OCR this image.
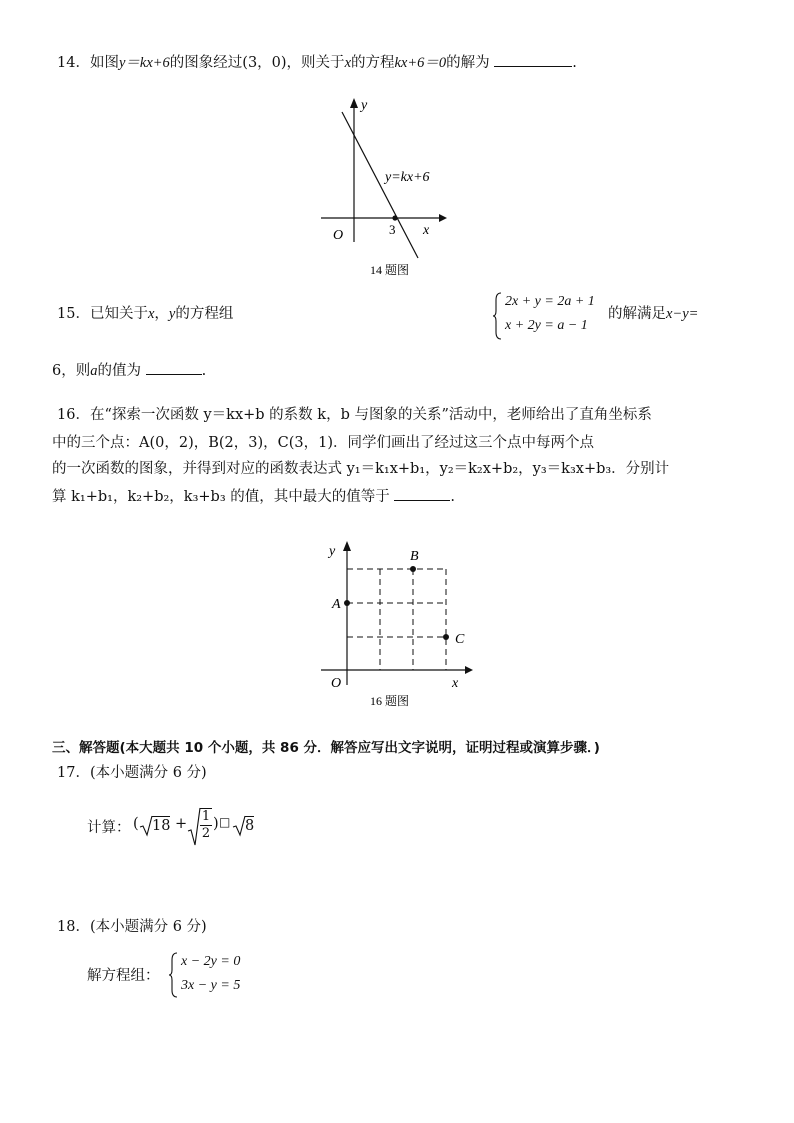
14．如图y＝kx+6的图象经过(3，0)，则关于x的方程kx+6＝0的解为	.
y
x
O	3
y=kx+6
14 题图
15．已知关于x，y的方程组
2x + y = 2a + 1
x + 2y = a − 1
的解满足x−y=
6，则a的值为	.
16．在“探索一次函数 y＝kx+b 的系数 k，b 与图象的关系”活动中，老师给出了直角坐标系
中的三个点：A(0，2)，B(2，3)，C(3，1)．同学们画出了经过这三个点中每两个点
的一次函数的图象，并得到对应的函数表达式 y₁＝k₁x+b₁，y₂＝k₂x+b₂，y₃＝k₃x+b₃．分别计
算 k₁+b₁，k₂+b₂，k₃+b₃ 的值，其中最大的值等于	.
y
x
O
A
B
C
16 题图
三、解答题(本大题共 10 个小题，共 86 分．解答应写出文字说明，证明过程或演算步骤．)
17．(本小题满分 6 分)
计算： ( $18 + \frac{1}{2}$ ) □ 8
18．(本小题满分 6 分)
解方程组：
x − 2y = 0
3x − y = 5
